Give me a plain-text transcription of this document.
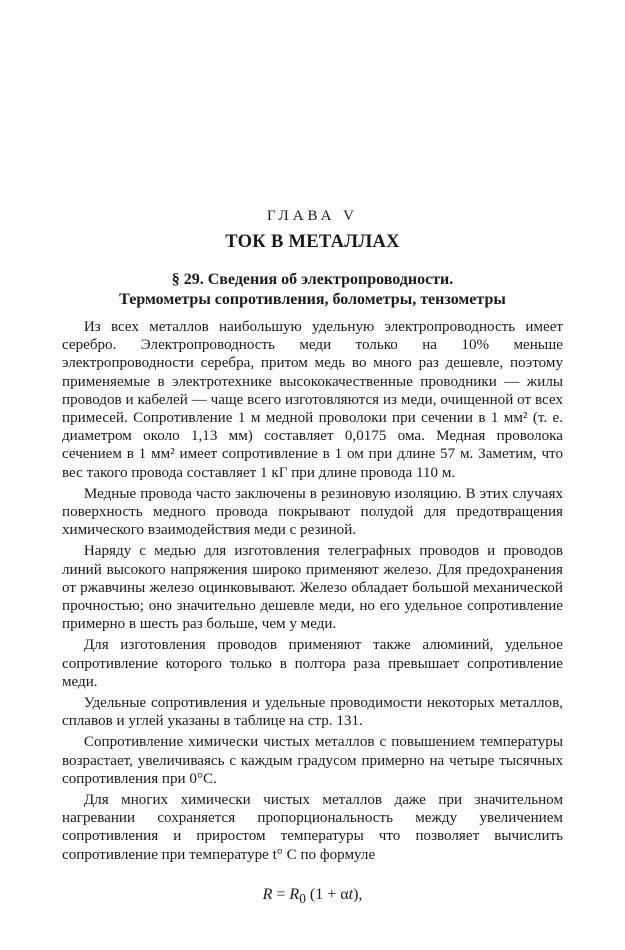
ГЛАВА V
ТОК В МЕТАЛЛАХ
§ 29. Сведения об электропроводности.
Термометры сопротивления, болометры, тензометры

Из всех металлов наибольшую удельную электропроводность имеет серебро. Электропроводность меди только на 10% меньше электропроводности серебра, притом медь во много раз дешевле, поэтому применяемые в электротехнике высококачественные проводники — жилы проводов и кабелей — чаще всего изготовляются из меди, очищенной от всех примесей. Сопротивление 1 м медной проволоки при сечении в 1 мм² (т. е. диаметром около 1,13 мм) составляет 0,0175 ома. Медная проволока сечением в 1 мм² имеет сопротивление в 1 ом при длине 57 м. Заметим, что вес такого провода составляет 1 кГ при длине провода 110 м.

Медные провода часто заключены в резиновую изоляцию. В этих случаях поверхность медного провода покрывают полудой для предотвращения химического взаимодействия меди с резиной.

Наряду с медью для изготовления телеграфных проводов и проводов линий высокого напряжения широко применяют железо. Для предохранения от ржавчины железо оцинковывают. Железо обладает большой механической прочностью; оно значительно дешевле меди, но его удельное сопротивление примерно в шесть раз больше, чем у меди.

Для изготовления проводов применяют также алюминий, удельное сопротивление которого только в полтора раза превышает сопротивление меди.

Удельные сопротивления и удельные проводимости некоторых металлов, сплавов и углей указаны в таблице на стр. 131.

Сопротивление химически чистых металлов с повышением температуры возрастает, увеличиваясь с каждым градусом примерно на четыре тысячных сопротивления при 0°С.

Для многих химически чистых металлов даже при значительном нагревании сохраняется пропорциональность между увеличением сопротивления и приростом температуры что позволяет вычислить сопротивление при температуре t° С по формуле

$R = R_0$ (1 + αt),
